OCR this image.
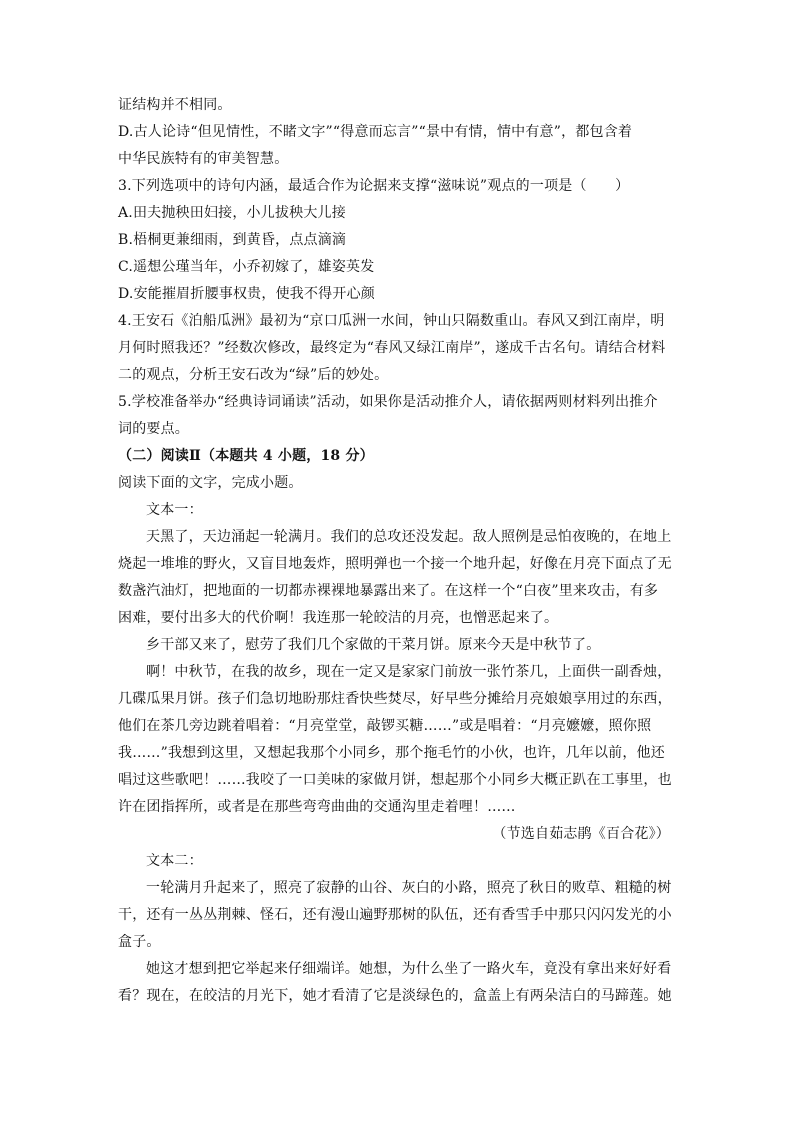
证结构并不相同。
D.古人论诗“但见情性，不睹文字”“得意而忘言”“景中有情，情中有意”，都包含着
中华民族特有的审美智慧。
3.下列选项中的诗句内涵，最适合作为论据来支撑“滋味说”观点的一项是（　　）
A.田夫抛秧田妇接，小儿拔秧大儿接
B.梧桐更兼细雨，到黄昏，点点滴滴
C.遥想公瑾当年，小乔初嫁了，雄姿英发
D.安能摧眉折腰事权贵，使我不得开心颜
4.王安石《泊船瓜洲》最初为“京口瓜洲一水间，钟山只隔数重山。春风又到江南岸，明
月何时照我还？”经数次修改，最终定为“春风又绿江南岸”，遂成千古名句。请结合材料
二的观点，分析王安石改为“绿”后的妙处。
5.学校准备举办“经典诗词诵读”活动，如果你是活动推介人，请依据两则材料列出推介
词的要点。
（二）阅读Ⅱ（本题共 4 小题，18 分）
阅读下面的文字，完成小题。
文本一：
天黑了，天边涌起一轮满月。我们的总攻还没发起。敌人照例是忌怕夜晚的，在地上
烧起一堆堆的野火，又盲目地轰炸，照明弹也一个接一个地升起，好像在月亮下面点了无
数盏汽油灯，把地面的一切都赤裸裸地暴露出来了。在这样一个“白夜”里来攻击，有多
困难，要付出多大的代价啊！我连那一轮皎洁的月亮，也憎恶起来了。
乡干部又来了，慰劳了我们几个家做的干菜月饼。原来今天是中秋节了。
啊！中秋节，在我的故乡，现在一定又是家家门前放一张竹茶几，上面供一副香烛，
几碟瓜果月饼。孩子们急切地盼那炷香快些焚尽，好早些分摊给月亮娘娘享用过的东西，
他们在茶几旁边跳着唱着：“月亮堂堂，敲锣买糖……”或是唱着：“月亮嬷嬷，照你照
我……”我想到这里，又想起我那个小同乡，那个拖毛竹的小伙，也许，几年以前，他还
唱过这些歌吧！……我咬了一口美味的家做月饼，想起那个小同乡大概正趴在工事里，也
许在团指挥所，或者是在那些弯弯曲曲的交通沟里走着哩！……
（节选自茹志鹃《百合花》）
文本二：
一轮满月升起来了，照亮了寂静的山谷、灰白的小路，照亮了秋日的败草、粗糙的树
干，还有一丛丛荆棘、怪石，还有漫山遍野那树的队伍，还有香雪手中那只闪闪发光的小
盒子。
她这才想到把它举起来仔细端详。她想，为什么坐了一路火车，竟没有拿出来好好看
看？现在，在皎洁的月光下，她才看清了它是淡绿色的，盒盖上有两朵洁白的马蹄莲。她
